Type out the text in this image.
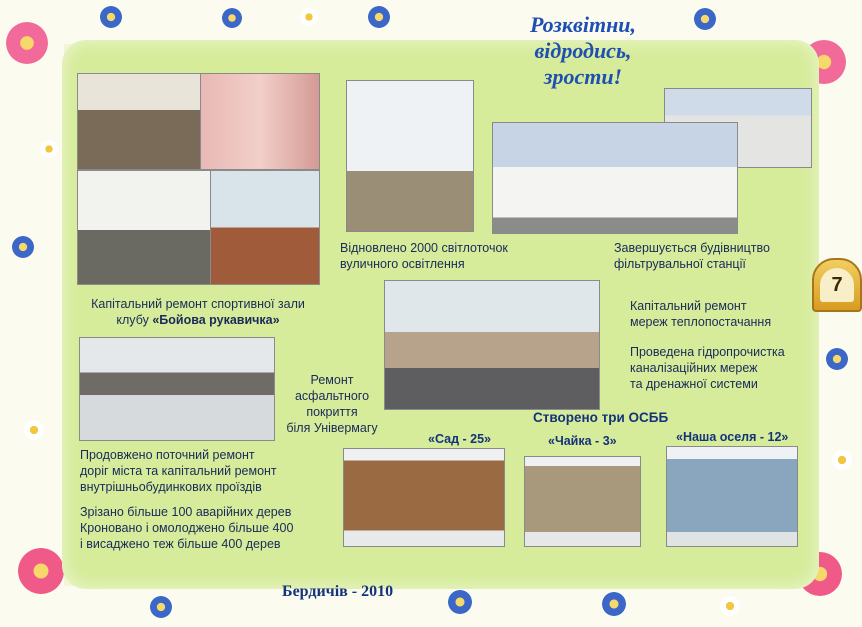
Розквітни,
відродись,
зрости!
7

Капітальний ремонт спортивної зали
клубу «Бойова рукавичка»

Відновлено 2000 світлоточок
вуличного освітлення

Завершується будівництво
фільтрувальної станції

Капітальний ремонт
мереж теплопостачання

Проведена гідропрочистка
каналізаційних мереж
та дренажної системи

Ремонт
асфальтного
покриття
біля Універмагу

Продовжено поточний ремонт
доріг міста та капітальний ремонт
внутрішньобудинкових проїздів

Зрізано більше 100 аварійних дерев
Кроновано і омолоджено більше 400
і висаджено теж більше 400 дерев

Створено три ОСББ

«Сад - 25»	«Чайка - 3»	«Наша оселя - 12»

Бердичів - 2010
